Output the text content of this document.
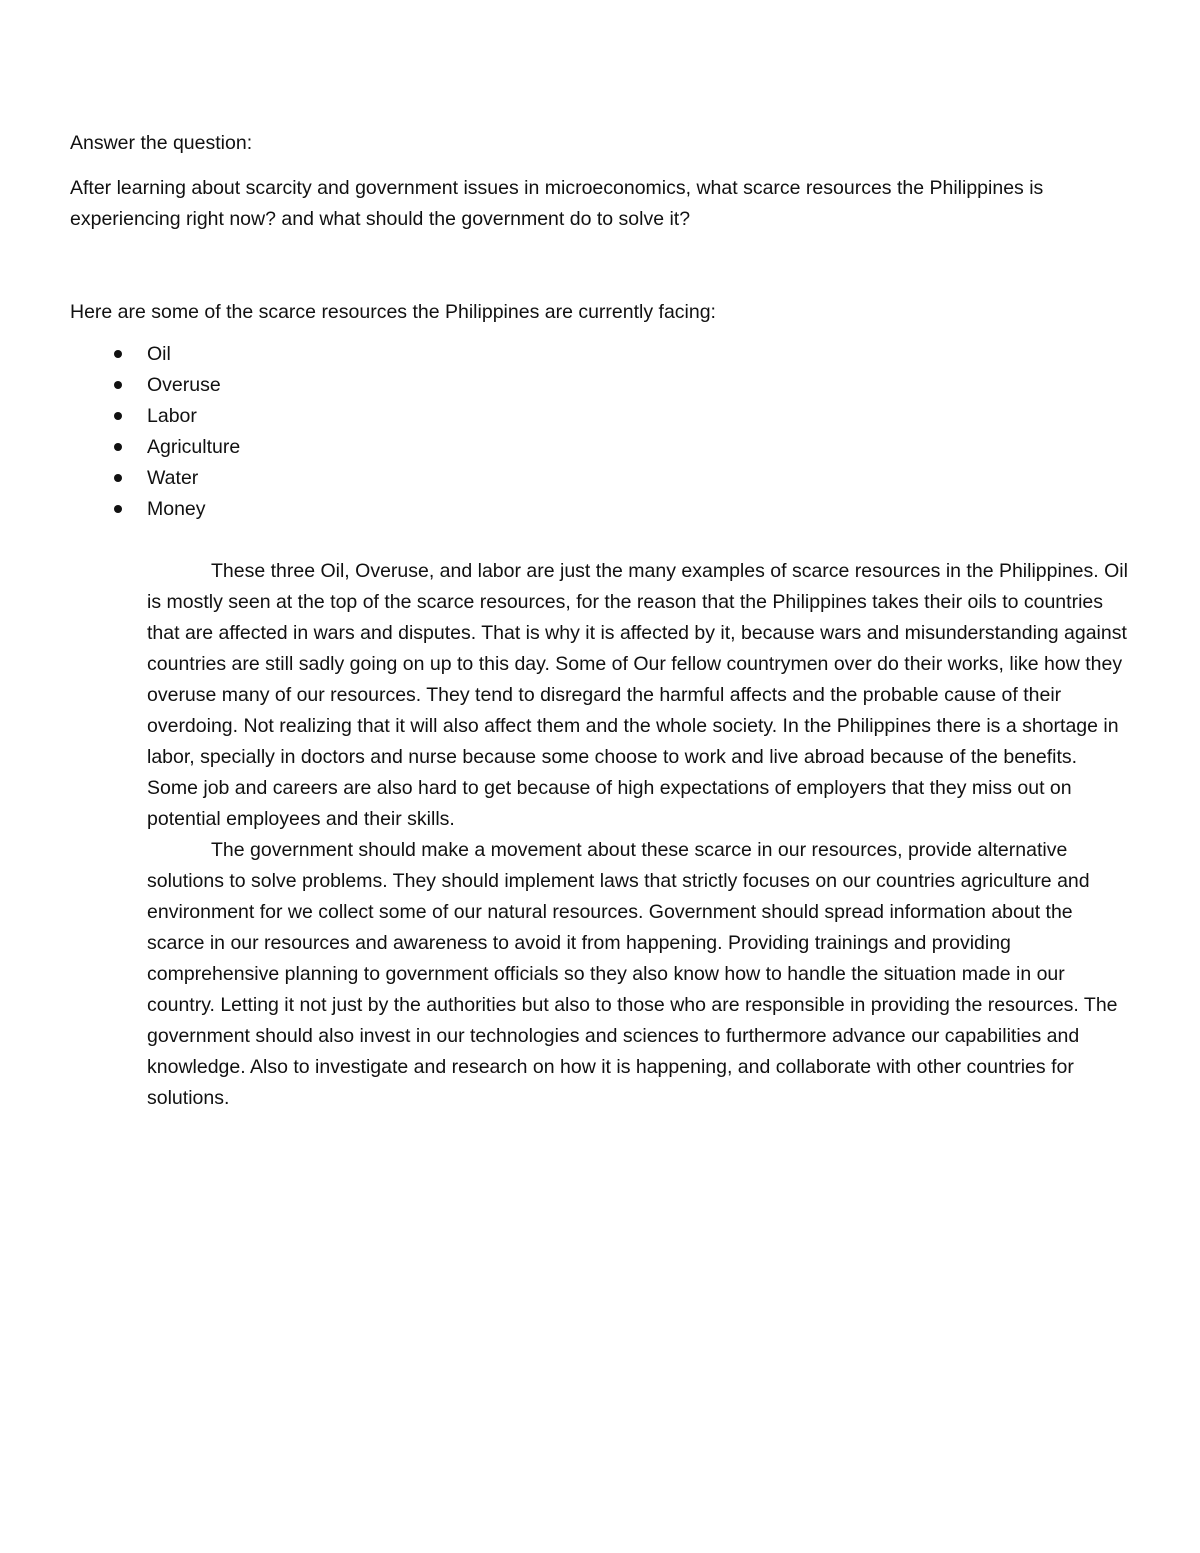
Answer the question:

After learning about scarcity and government issues in microeconomics, what scarce resources the Philippines is experiencing right now? and what should the government do to solve it?

Here are some of the scarce resources the Philippines are currently facing:

Oil
Overuse
Labor
Agriculture
Water
Money

These three Oil, Overuse, and labor are just the many examples of scarce resources in the Philippines. Oil is mostly seen at the top of the scarce resources, for the reason that the Philippines takes their oils to countries that are affected in wars and disputes. That is why it is affected by it, because wars and misunderstanding against countries are still sadly going on up to this day. Some of Our fellow countrymen over do their works, like how they overuse many of our resources. They tend to disregard the harmful affects and the probable cause of their overdoing. Not realizing that it will also affect them and the whole society. In the Philippines there is a shortage in labor, specially in doctors and nurse because some choose to work and live abroad because of the benefits. Some job and careers are also hard to get because of high expectations of employers that they miss out on potential employees and their skills.

The government should make a movement about these scarce in our resources, provide alternative solutions to solve problems. They should implement laws that strictly focuses on our countries agriculture and environment for we collect some of our natural resources. Government should spread information about the scarce in our resources and awareness to avoid it from happening. Providing trainings and providing comprehensive planning to government officials so they also know how to handle the situation made in our country. Letting it not just by the authorities but also to those who are responsible in providing the resources. The government should also invest in our technologies and sciences to furthermore advance our capabilities and knowledge. Also to investigate and research on how it is happening, and collaborate with other countries for solutions.
